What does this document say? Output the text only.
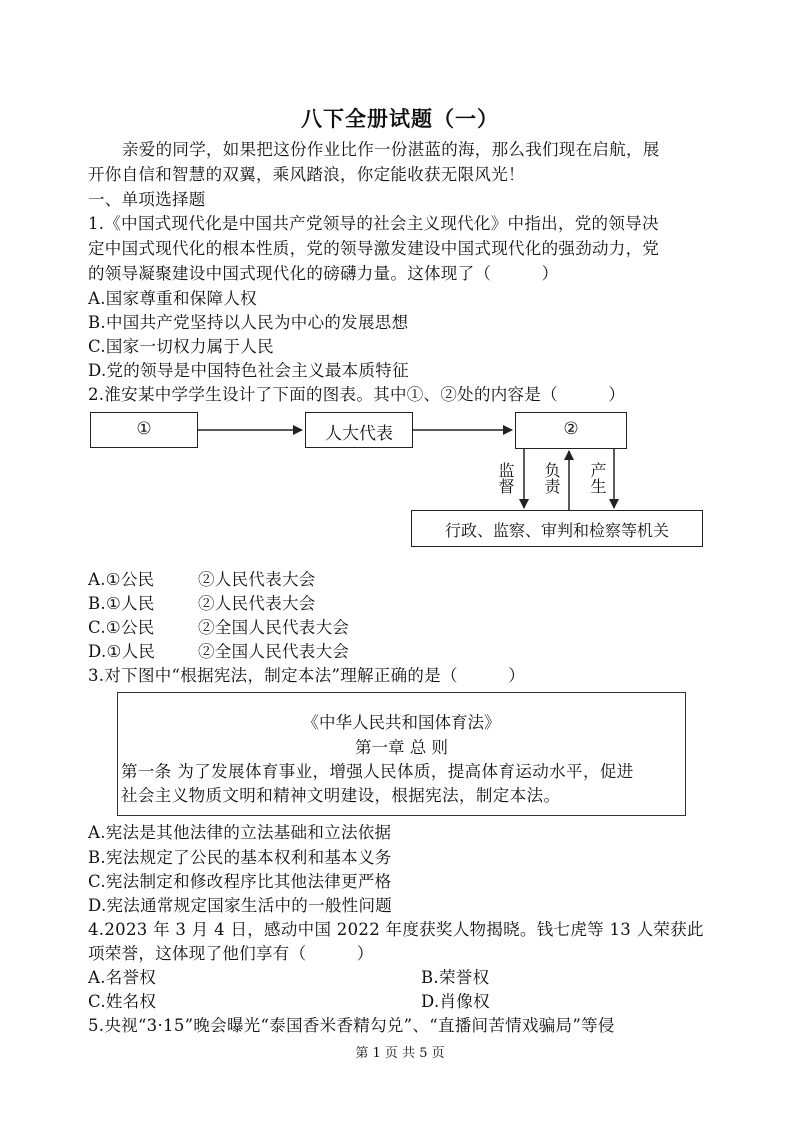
八下全册试题（一）
亲爱的同学，如果把这份作业比作一份湛蓝的海，那么我们现在启航，展
开你自信和智慧的双翼，乘风踏浪，你定能收获无限风光！
一、单项选择题
1.《中国式现代化是中国共产党领导的社会主义现代化》中指出，党的领导决
定中国式现代化的根本性质，党的领导激发建设中国式现代化的强劲动力，党
的领导凝聚建设中国式现代化的磅礴力量。这体现了（　　　）
A.国家尊重和保障人权
B.中国共产党坚持以人民为中心的发展思想
C.国家一切权力属于人民
D.党的领导是中国特色社会主义最本质特征
2.淮安某中学学生设计了下面的图表。其中①、②处的内容是（　　　）
①	人大代表	②
行政、监察、审判和检察等机关
监督 负责 产生
A.①公民	②人民代表大会
B.①人民	②人民代表大会
C.①公民	②全国人民代表大会
D.①人民	②全国人民代表大会
3.对下图中“根据宪法，制定本法”理解正确的是（　　　）
《中华人民共和国体育法》
第一章 总 则
第一条 为了发展体育事业，增强人民体质，提高体育运动水平，促进
社会主义物质文明和精神文明建设，根据宪法，制定本法。
A.宪法是其他法律的立法基础和立法依据
B.宪法规定了公民的基本权利和基本义务
C.宪法制定和修改程序比其他法律更严格
D.宪法通常规定国家生活中的一般性问题
4.2023 年 3 月 4 日，感动中国 2022 年度获奖人物揭晓。钱七虎等 13 人荣获此
项荣誉，这体现了他们享有（　　　）
A.名誉权	B.荣誉权
C.姓名权	D.肖像权
5.央视“3·15”晚会曝光“泰国香米香精勾兑”、“直播间苦情戏骗局”等侵
第 1 页 共 5 页
